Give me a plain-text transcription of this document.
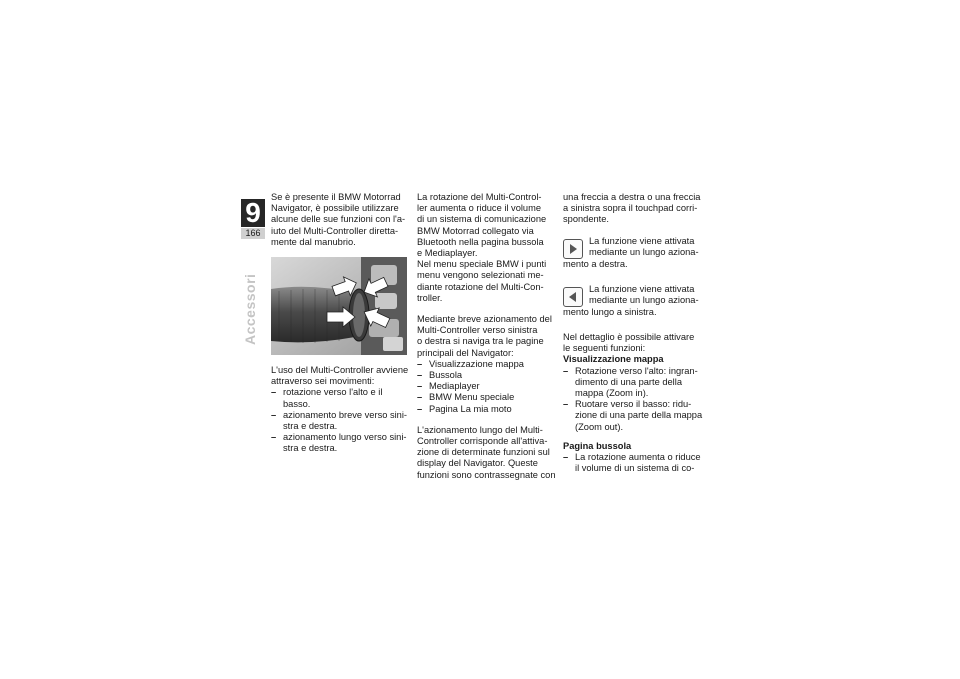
9
166
Accessori

Se è presente il BMW Motorrad
Navigator, è possibile utilizzare
alcune delle sue funzioni con l'a-
iuto del Multi-Controller diretta-
mente dal manubrio.

L'uso del Multi-Controller avviene
attraverso sei movimenti:

– rotazione verso l'alto e il basso.
– azionamento breve verso sini-
stra e destra.
– azionamento lungo verso sini-
stra e destra.

La rotazione del Multi-Control-
ler aumenta o riduce il volume
di un sistema di comunicazione
BMW Motorrad collegato via
Bluetooth nella pagina bussola
e Mediaplayer.
Nel menu speciale BMW i punti
menu vengono selezionati me-
diante rotazione del Multi-Con-
troller.

Mediante breve azionamento del
Multi-Controller verso sinistra
o destra si naviga tra le pagine
principali del Navigator:

– Visualizzazione mappa
– Bussola
– Mediaplayer
– BMW Menu speciale
– Pagina La mia moto

L'azionamento lungo del Multi-
Controller corrisponde all'attiva-
zione di determinate funzioni sul
display del Navigator. Queste
funzioni sono contrassegnate con

una freccia a destra o una freccia
a sinistra sopra il touchpad corri-
spondente.

La funzione viene attivata
mediante un lungo aziona-
mento a destra.
La funzione viene attivata
mediante un lungo aziona-
mento lungo a sinistra.

Nel dettaglio è possibile attivare
le seguenti funzioni:

Visualizzazione mappa

– Rotazione verso l'alto: ingran-
dimento di una parte della
mappa (Zoom in).
– Ruotare verso il basso: ridu-
zione di una parte della mappa
(Zoom out).

Pagina bussola

– La rotazione aumenta o riduce
il volume di un sistema di co-
